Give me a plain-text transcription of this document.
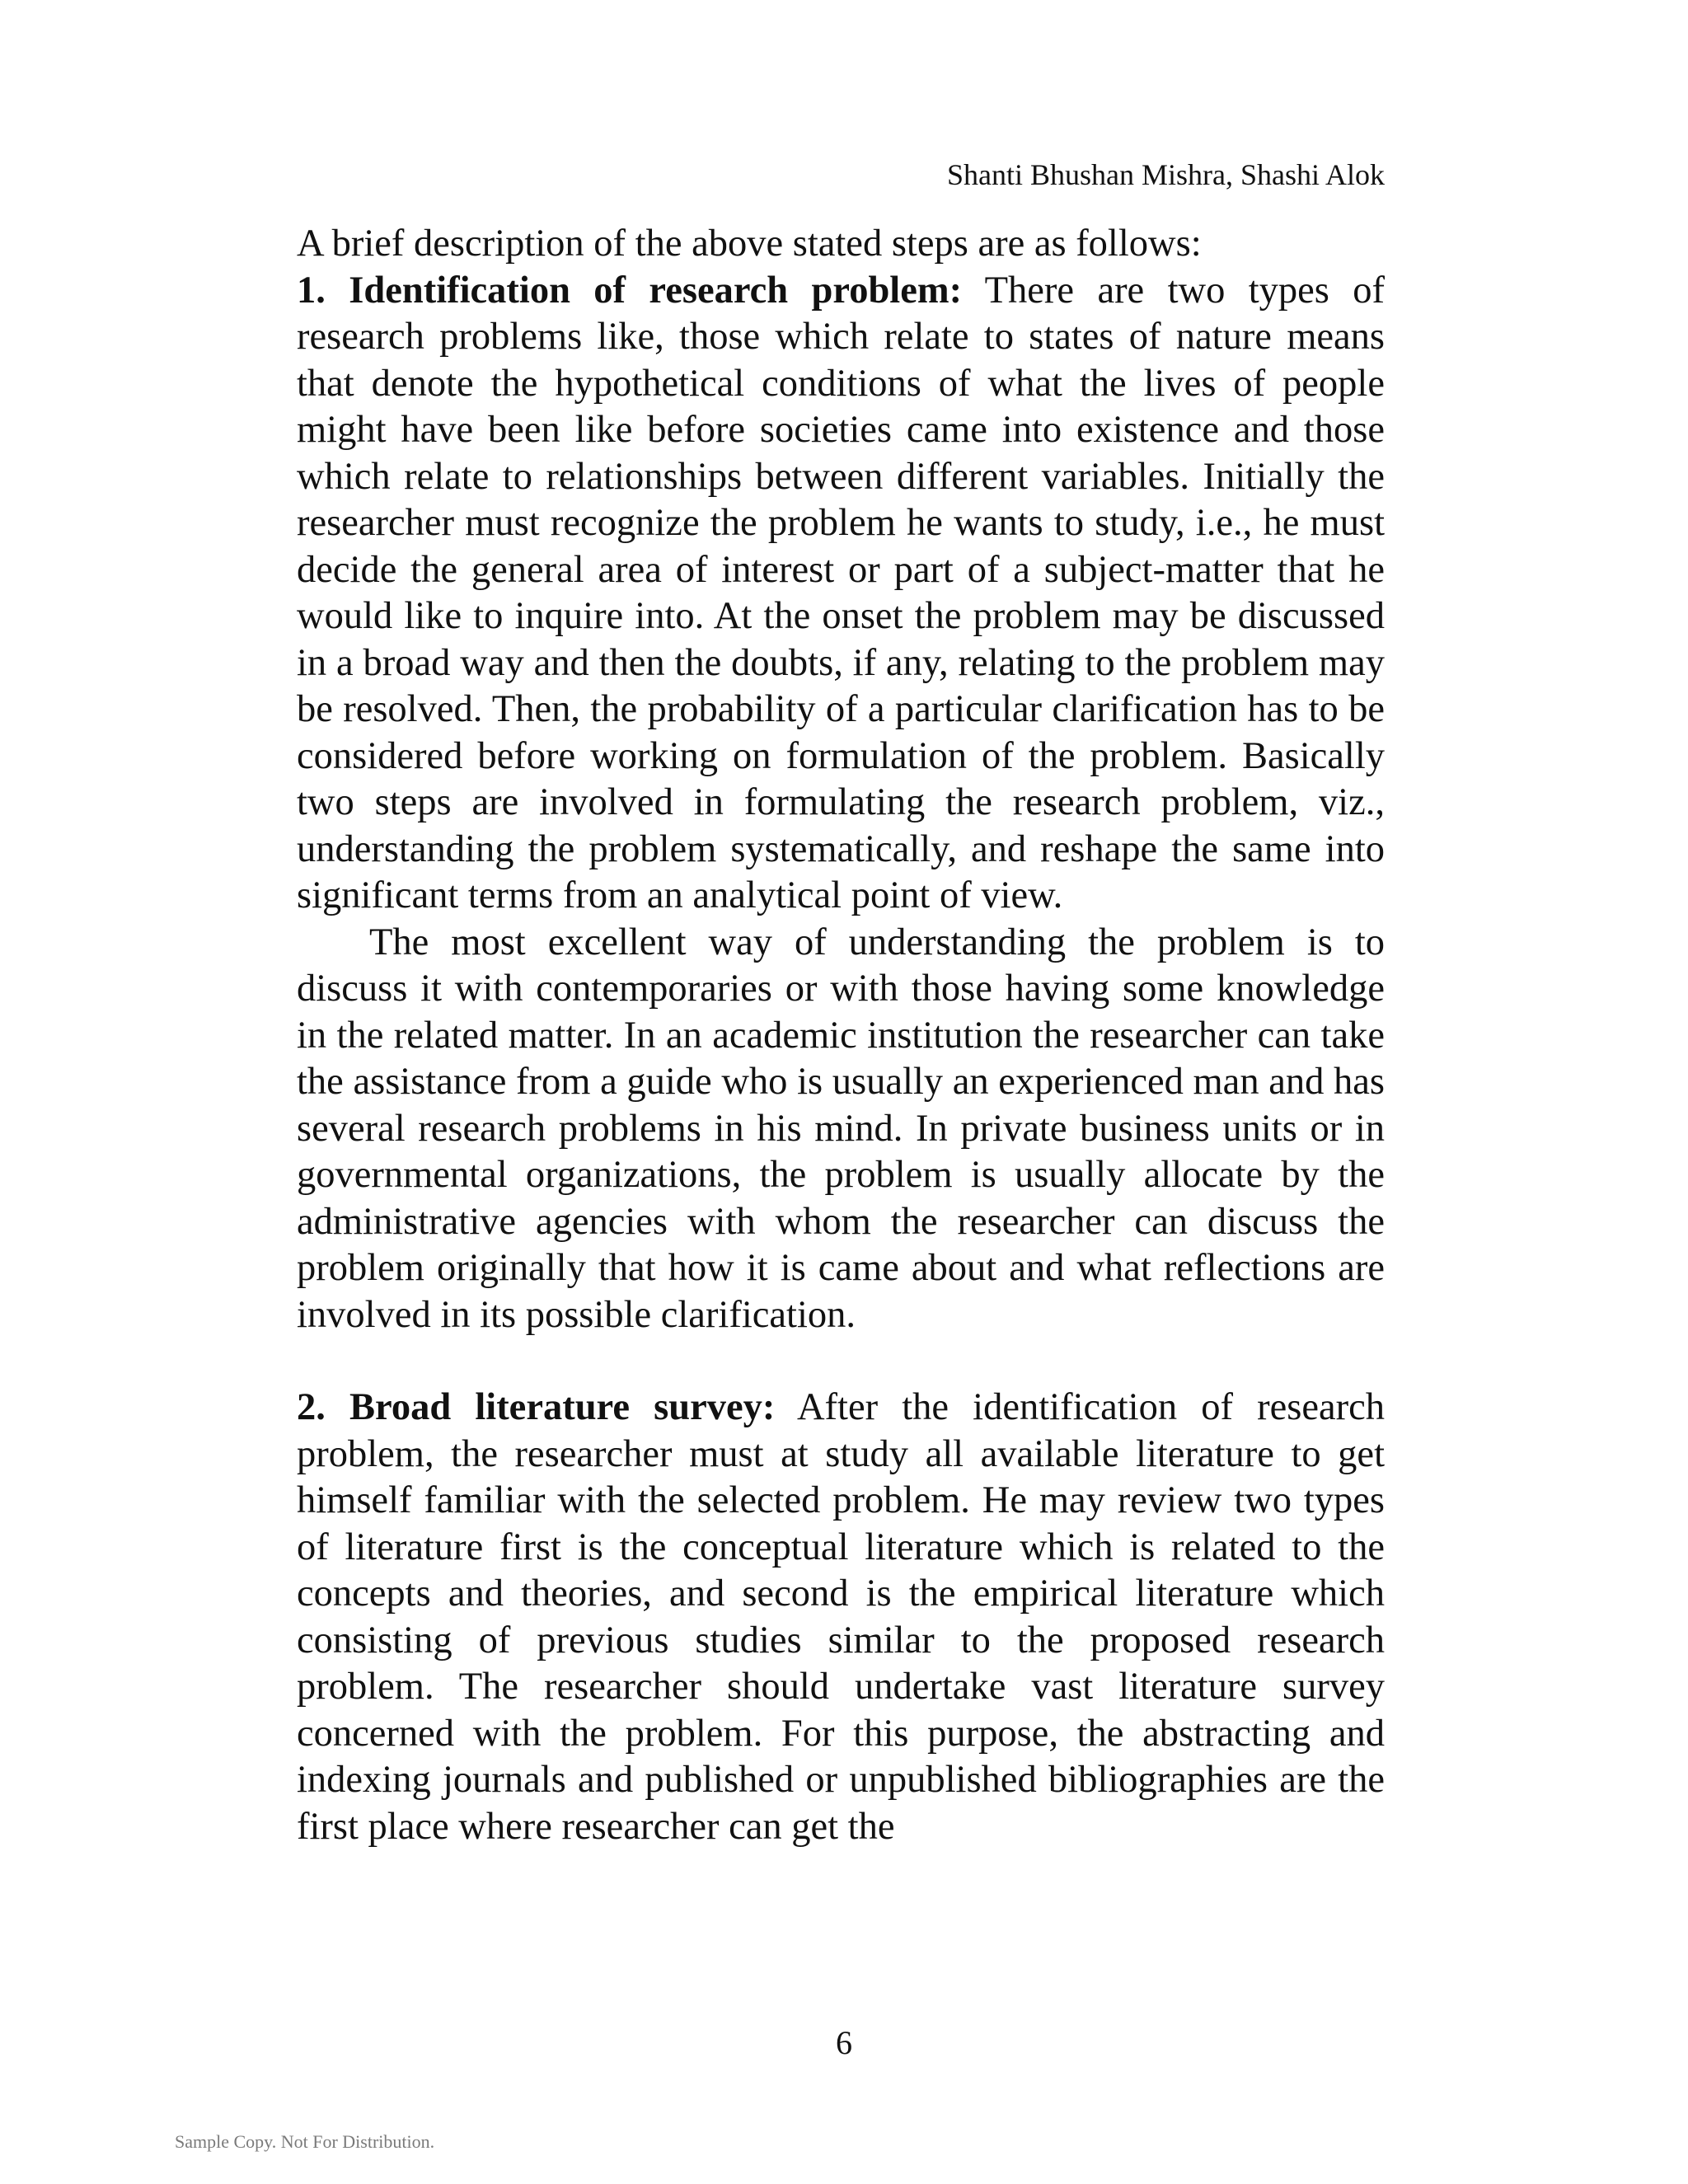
Shanti Bhushan Mishra, Shashi Alok

A brief description of the above stated steps are as follows:

1. Identification of research problem: There are two types of research problems like, those which relate to states of nature means that denote the hypothetical conditions of what the lives of people might have been like before societies came into existence and those which relate to relationships between different variables. Initially the researcher must recognize the problem he wants to study, i.e., he must decide the general area of interest or part of a subject-matter that he would like to inquire into. At the onset the problem may be discussed in a broad way and then the doubts, if any, relating to the problem may be resolved. Then, the probability of a particular clarification has to be considered before working on formulation of the problem. Basically two steps are involved in formulating the research problem, viz., understanding the problem systematically, and reshape the same into significant terms from an analytical point of view.

The most excellent way of understanding the problem is to discuss it with contemporaries or with those having some knowledge in the related matter. In an academic institution the researcher can take the assistance from a guide who is usually an experienced man and has several research problems in his mind. In private business units or in governmental organizations, the problem is usually allocate by the administrative agencies with whom the researcher can discuss the problem originally that how it is came about and what reflections are involved in its possible clarification.

2. Broad literature survey: After the identification of research problem, the researcher must at study all available literature to get himself familiar with the selected problem. He may review two types of literature first is the conceptual literature which is related to the concepts and theories, and second is the empirical literature which consisting of previous studies similar to the proposed research problem. The researcher should undertake vast literature survey concerned with the problem. For this purpose, the abstracting and indexing journals and published or unpublished bibliographies are the first place where researcher can get the

6
Sample Copy. Not For Distribution.
